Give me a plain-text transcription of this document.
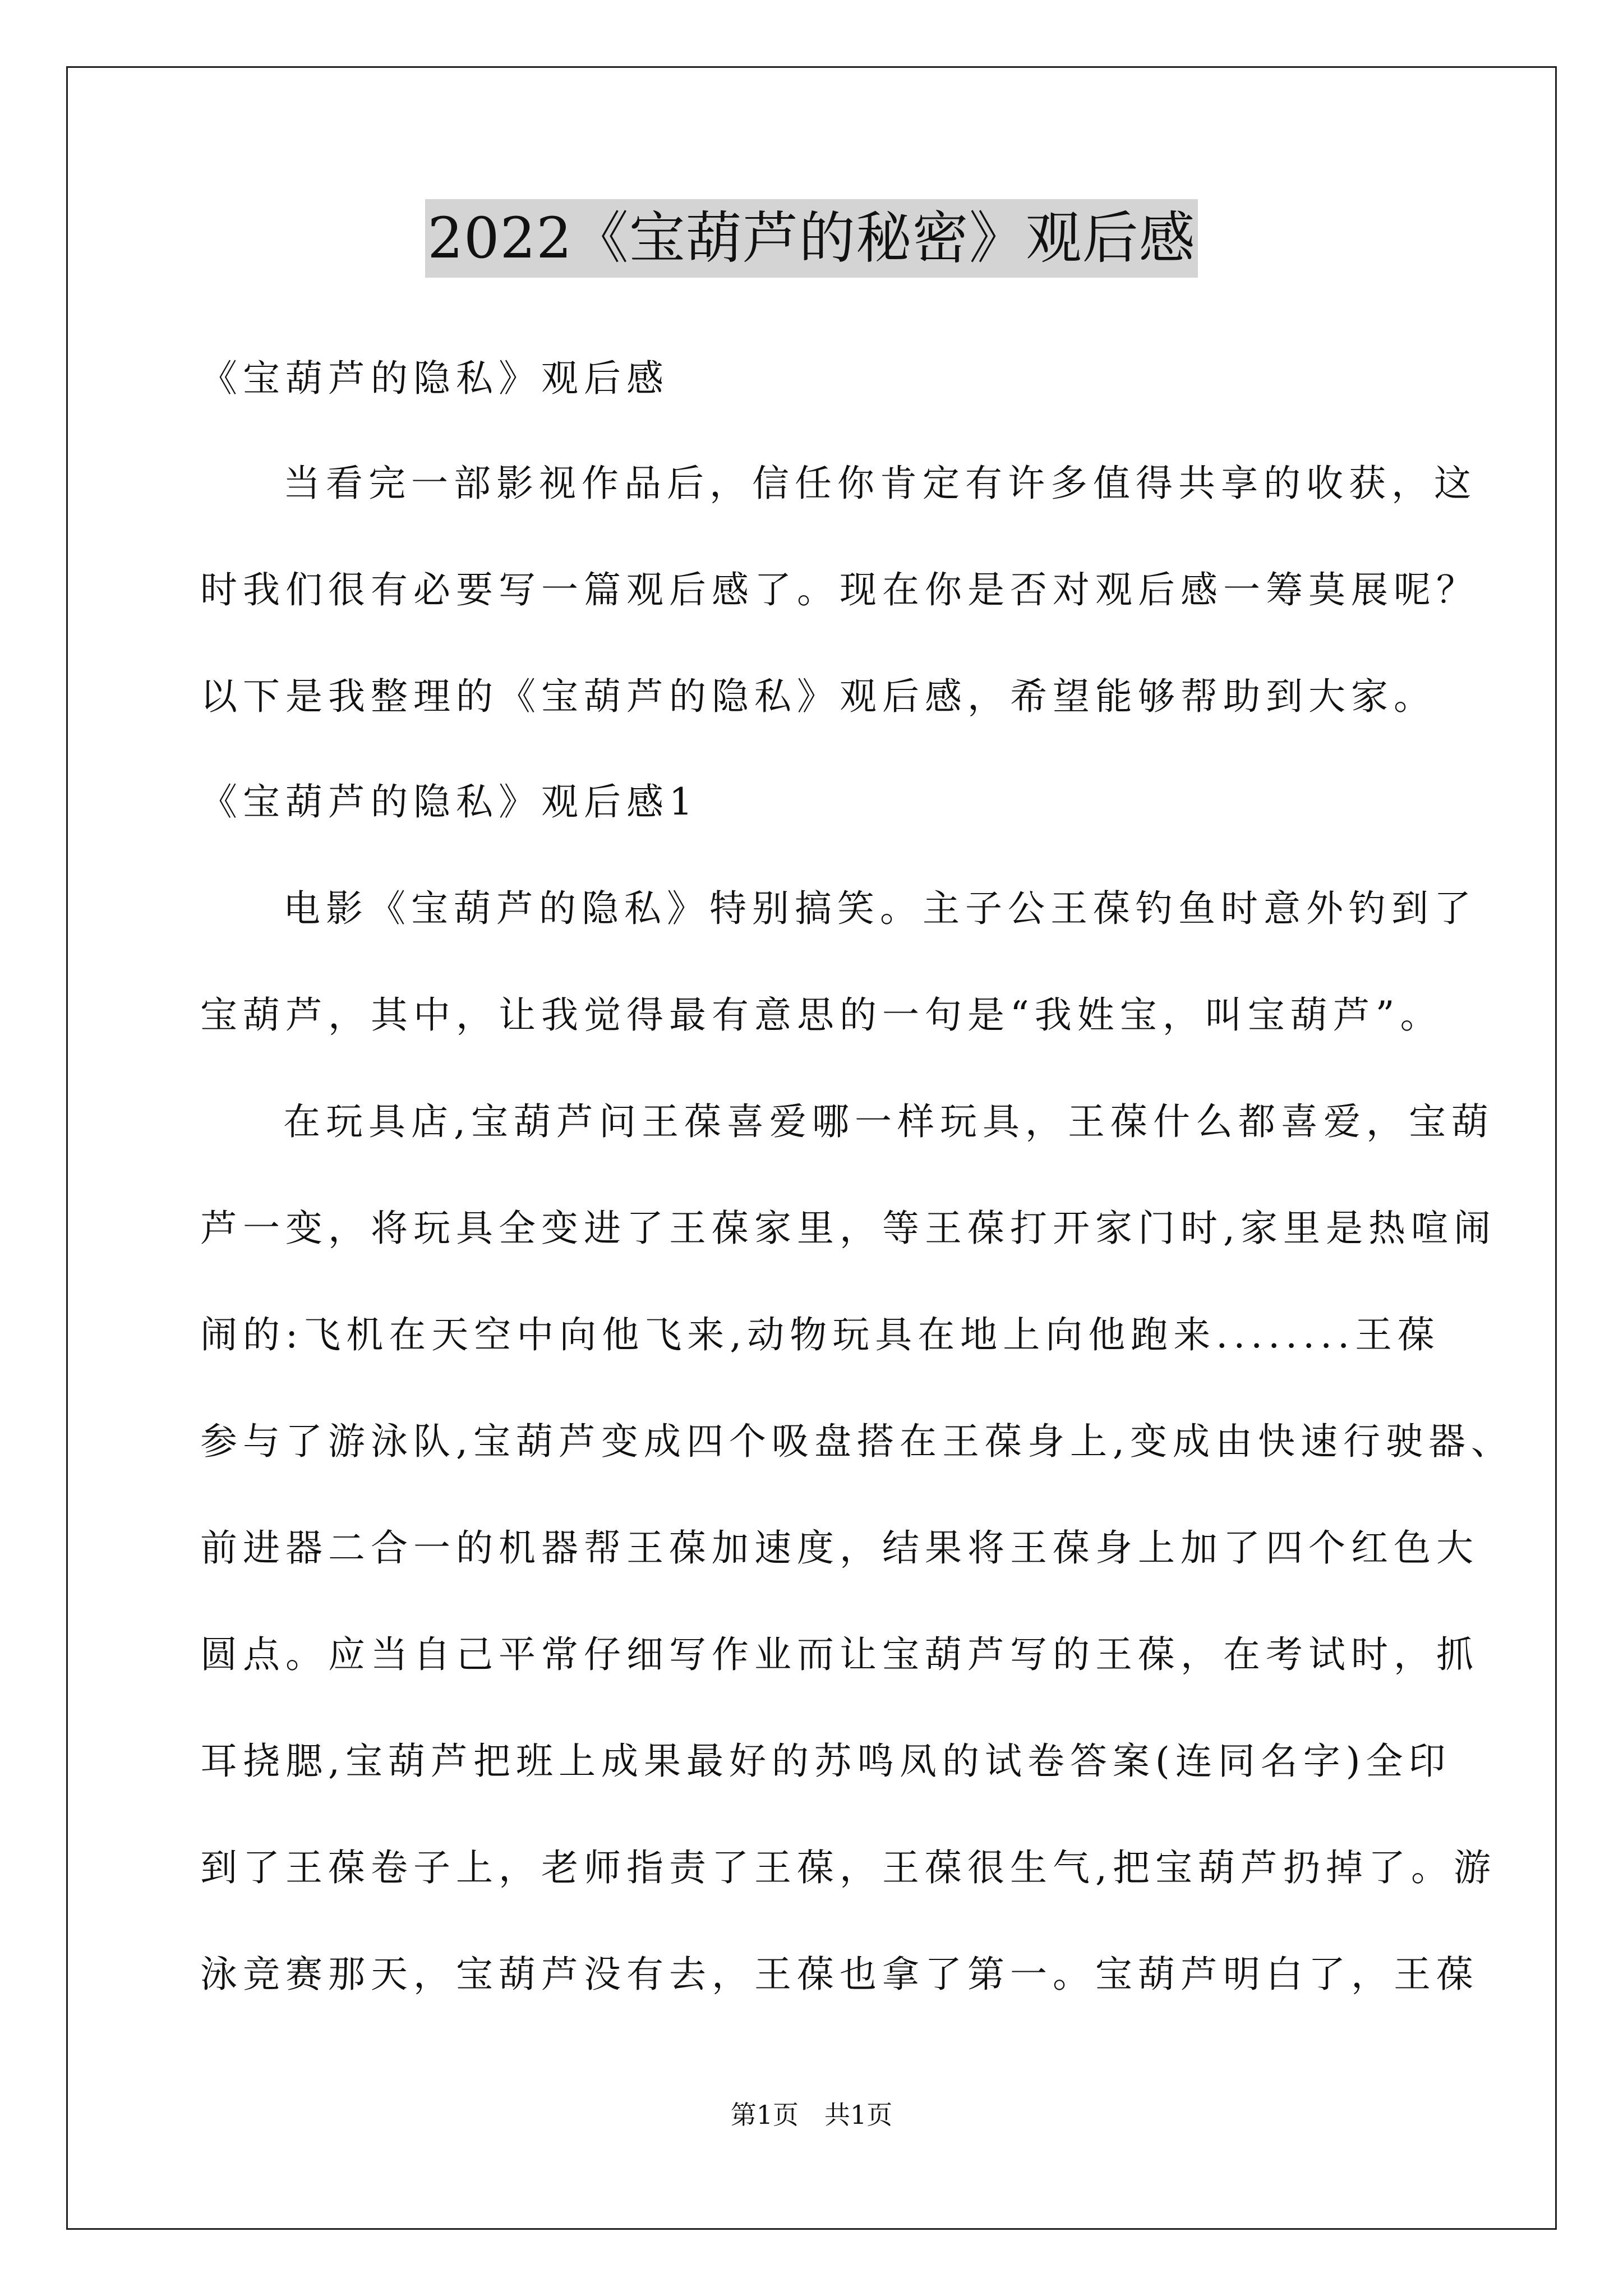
2022《宝葫芦的秘密》观后感
《宝葫芦的隐私》观后感
当看完一部影视作品后，信任你肯定有许多值得共享的收获，这
时我们很有必要写一篇观后感了。现在你是否对观后感一筹莫展呢？
以下是我整理的《宝葫芦的隐私》观后感，希望能够帮助到大家。
《宝葫芦的隐私》观后感1
电影《宝葫芦的隐私》特别搞笑。主子公王葆钓鱼时意外钓到了
宝葫芦，其中，让我觉得最有意思的一句是“我姓宝，叫宝葫芦”。
在玩具店,宝葫芦问王葆喜爱哪一样玩具，王葆什么都喜爱，宝葫
芦一变，将玩具全变进了王葆家里，等王葆打开家门时,家里是热喧闹
闹的:飞机在天空中向他飞来,动物玩具在地上向他跑来........王葆
参与了游泳队,宝葫芦变成四个吸盘搭在王葆身上,变成由快速行驶器、
前进器二合一的机器帮王葆加速度，结果将王葆身上加了四个红色大
圆点。应当自己平常仔细写作业而让宝葫芦写的王葆，在考试时，抓
耳挠腮,宝葫芦把班上成果最好的苏鸣凤的试卷答案(连同名字)全印
到了王葆卷子上，老师指责了王葆，王葆很生气,把宝葫芦扔掉了。游
泳竞赛那天，宝葫芦没有去，王葆也拿了第一。宝葫芦明白了，王葆
第1页　共1页
